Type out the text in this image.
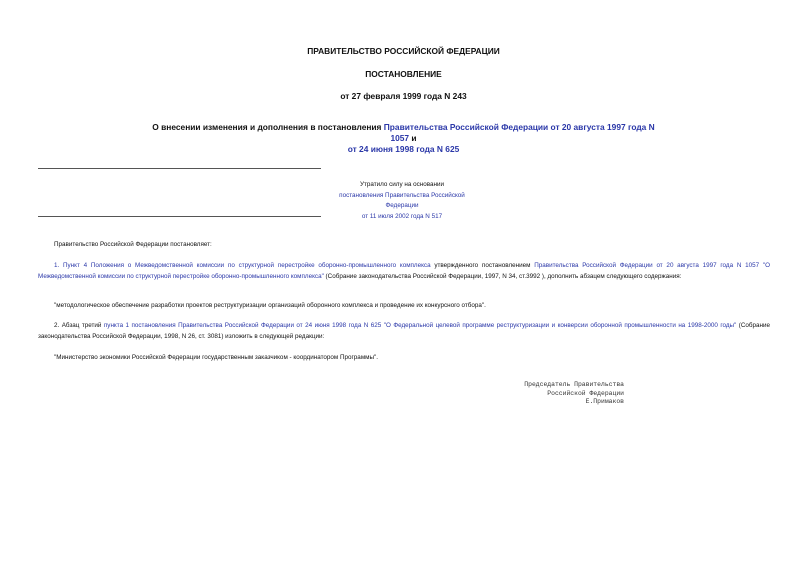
ПРАВИТЕЛЬСТВО РОССИЙСКОЙ ФЕДЕРАЦИИ
ПОСТАНОВЛЕНИЕ
от 27 февраля 1999 года N 243
О внесении изменения и дополнения в постановления Правительства Российской Федерации от 20 августа 1997 года N 1057 и
от 24 июня 1998 года N 625
Утратило силу на основании
постановления Правительства Российской Федерации
от 11 июля 2002 года N 517
Правительство Российской Федерации постановляет:
1. Пункт 4 Положения о Межведомственной комиссии по структурной перестройке оборонно-промышленного комплекса утвержденного постановлением Правительства Российской Федерации от 20 августа 1997 года N 1057 "О Межведомственной комиссии по структурной перестройке оборонно-промышленного комплекса" (Собрание законодательства Российской Федерации, 1997, N 34, ст.3992 ), дополнить абзацем следующего содержания:
"методологическое обеспечение разработки проектов реструктуризации организаций оборонного комплекса и проведение их конкурсного отбора".
2. Абзац третий пункта 1 постановления Правительства Российской Федерации от 24 июня 1998 года N 625 "О Федеральной целевой программе реструктуризации и конверсии оборонной промышленности на 1998-2000 годы" (Собрание законодательства Российской Федерации, 1998, N 26, ст. 3081) изложить в следующей редакции:
"Министерство экономики Российской Федерации государственным заказчиком - координатором Программы".
Председатель Правительства
Российской Федерации
Е.Примаков
